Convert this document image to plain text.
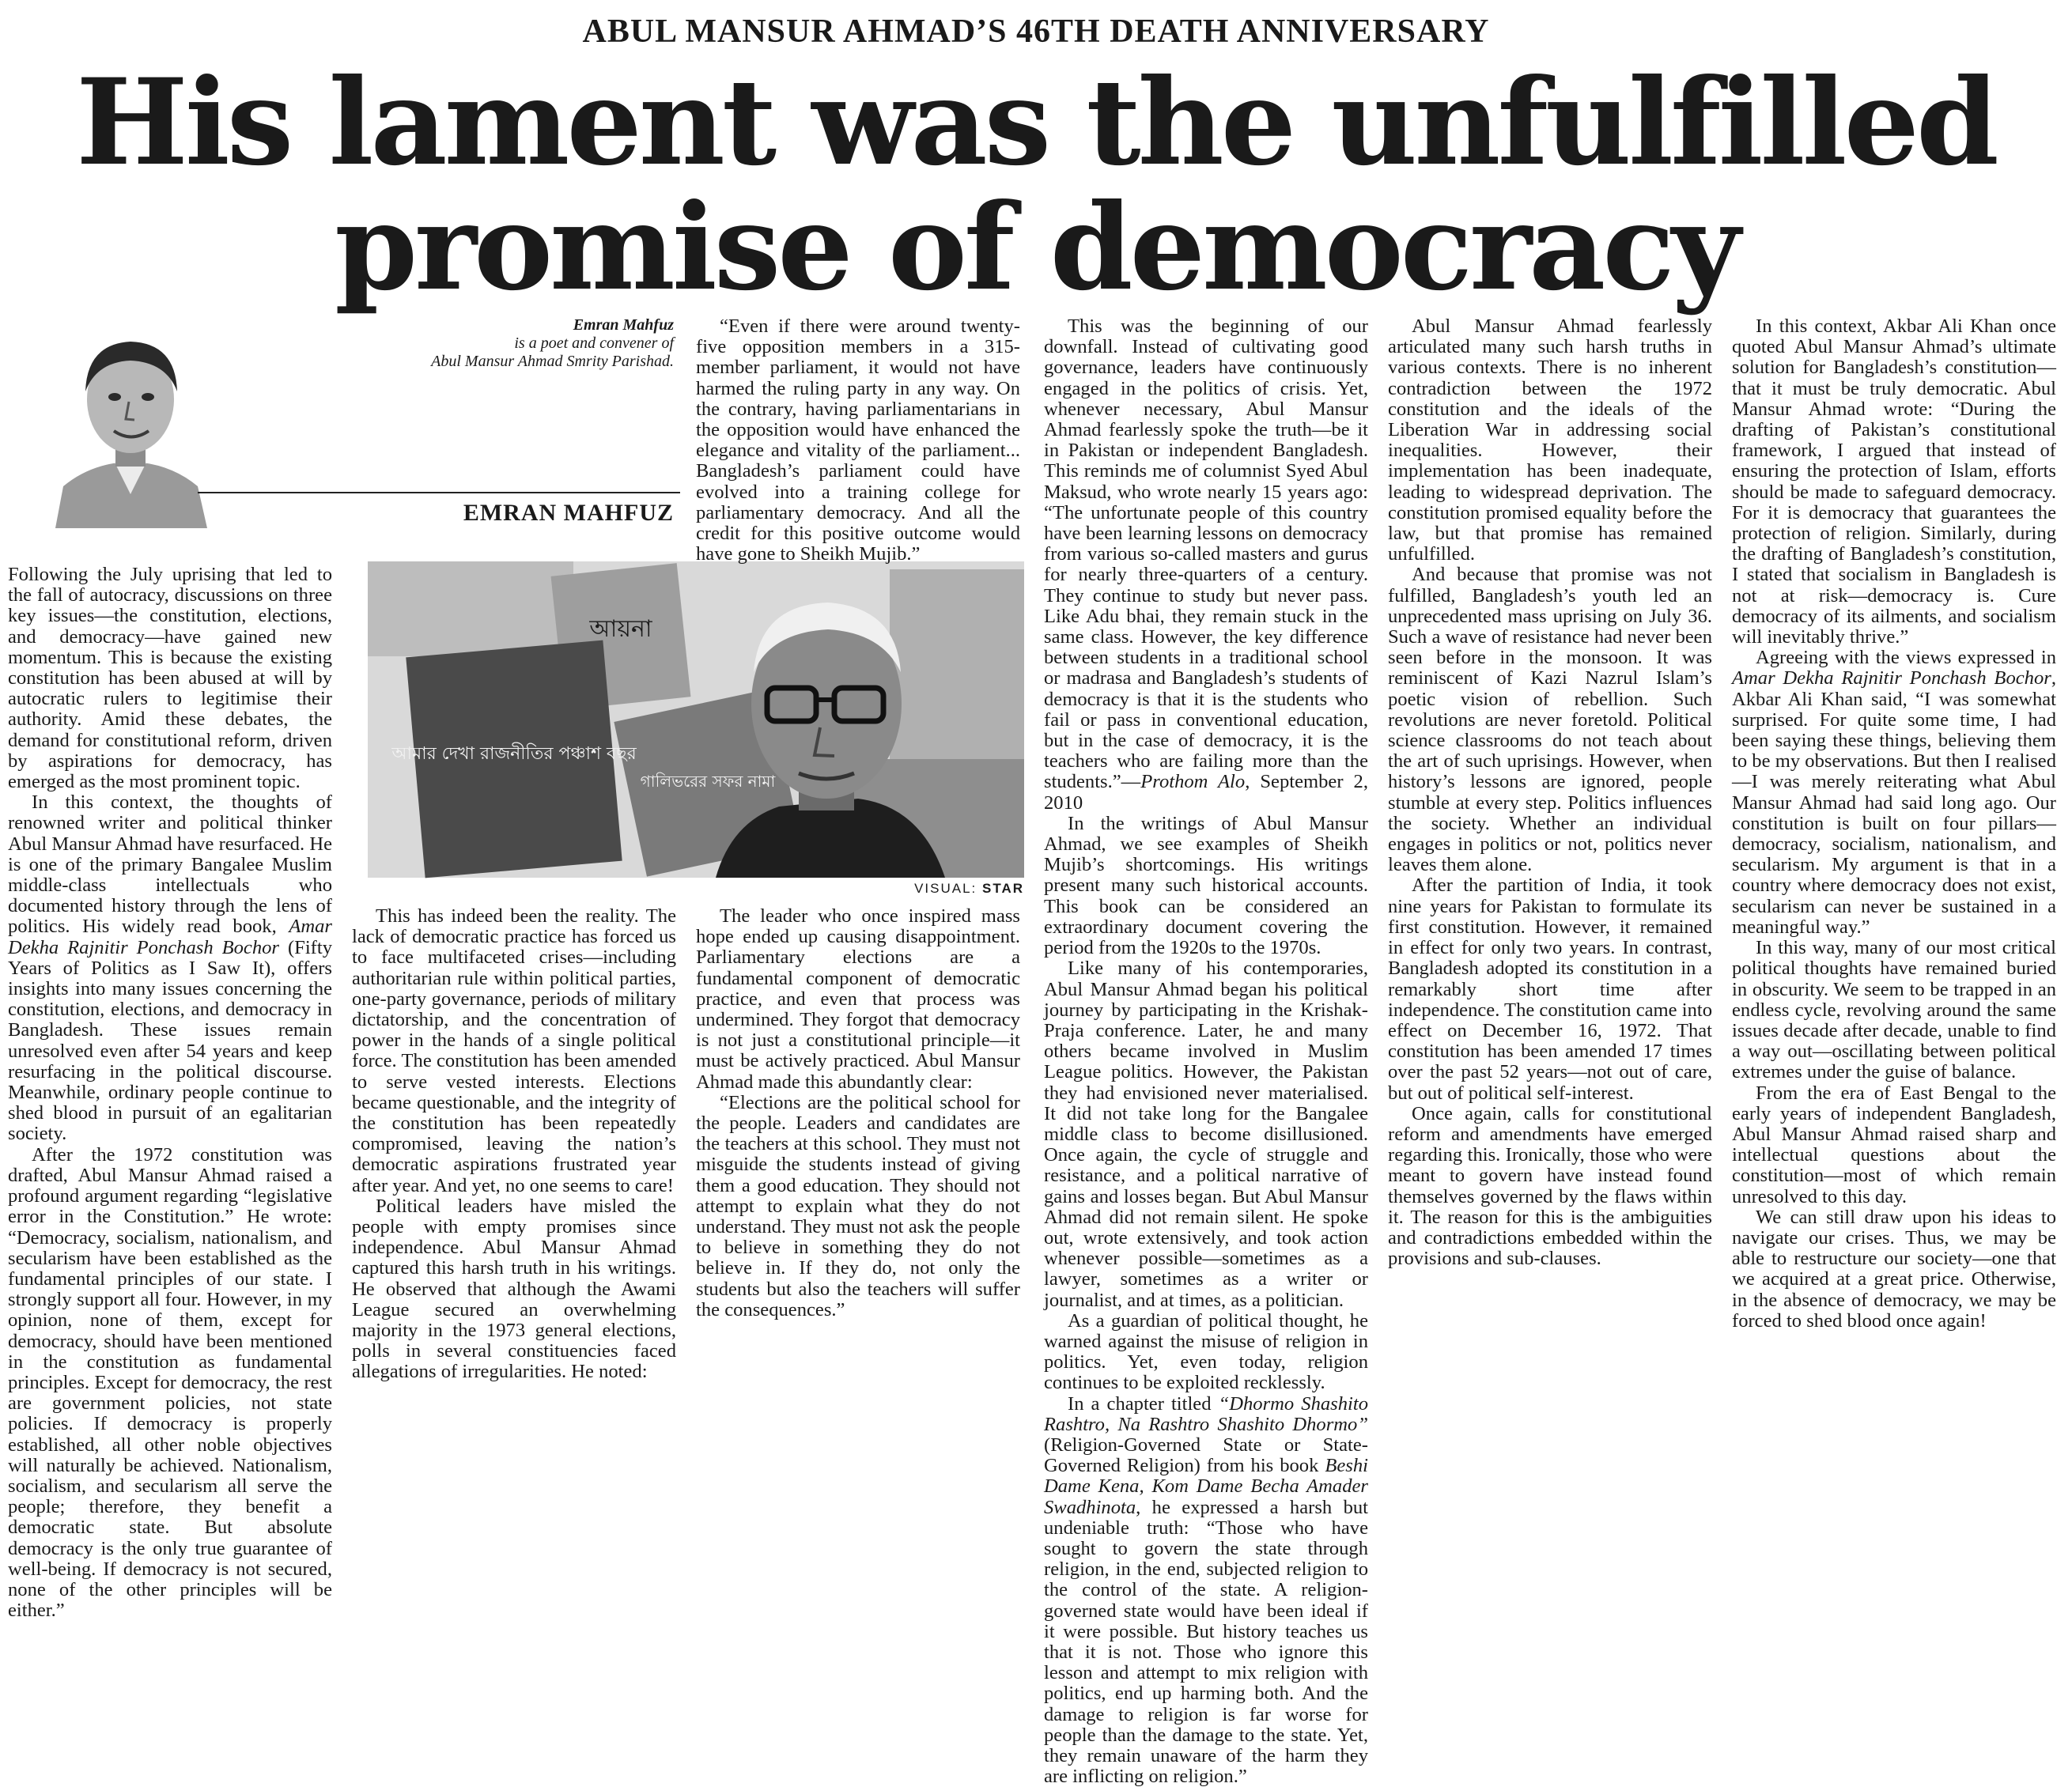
ABUL MANSUR AHMAD’S 46TH DEATH ANNIVERSARY
His lament was the unfulfilled
promise of democracy
Emran Mahfuz
is a poet and convener of
Abul Mansur Ahmad Smrity Parishad.
EMRAN MAHFUZ
আমার দেখা রাজনীতির পঞ্চাশ বছর
আয়না
গালিভরের সফর নামা
VISUAL: STAR

Following the July uprising that led to the fall of autocracy, discussions on three key issues—the constitution, elections, and democracy—have gained new momentum. This is because the existing constitution has been abused at will by autocratic rulers to legitimise their authority. Amid these debates, the demand for constitutional reform, driven by aspirations for democracy, has emerged as the most prominent topic.

In this context, the thoughts of renowned writer and political thinker Abul Mansur Ahmad have resurfaced. He is one of the primary Bangalee Muslim middle-class intellectuals who documented history through the lens of politics. His widely read book, Amar Dekha Rajnitir Ponchash Bochor (Fifty Years of Politics as I Saw It), offers insights into many issues concerning the constitution, elections, and democracy in Bangladesh. These issues remain unresolved even after 54 years and keep resurfacing in the political discourse. Meanwhile, ordinary people continue to shed blood in pursuit of an egalitarian society.

After the 1972 constitution was drafted, Abul Mansur Ahmad raised a profound argument regarding “legislative error in the Constitution.” He wrote: “Democracy, socialism, nationalism, and secularism have been established as the fundamental principles of our state. I strongly support all four. However, in my opinion, none of them, except for democracy, should have been mentioned in the constitution as fundamental principles. Except for democracy, the rest are government policies, not state policies. If democracy is properly established, all other noble objectives will naturally be achieved. Nationalism, socialism, and secularism all serve the people; therefore, they benefit a democratic state. But absolute democracy is the only true guarantee of well-being. If democracy is not secured, none of the other principles will be either.”

This has indeed been the reality. The lack of democratic practice has forced us to face multifaceted crises—including authoritarian rule within political parties, one-party governance, periods of military dictatorship, and the concentration of power in the hands of a single political force. The constitution has been amended to serve vested interests. Elections became questionable, and the integrity of the constitution has been repeatedly compromised, leaving the nation’s democratic aspirations frustrated year after year. And yet, no one seems to care!

Political leaders have misled the people with empty promises since independence. Abul Mansur Ahmad captured this harsh truth in his writings. He observed that although the Awami League secured an overwhelming majority in the 1973 general elections, polls in several constituencies faced allegations of irregularities. He noted:

“Even if there were around twenty-five opposition members in a 315-member parliament, it would not have harmed the ruling party in any way. On the contrary, having parliamentarians in the opposition would have enhanced the elegance and vitality of the parliament... Bangladesh’s parliament could have evolved into a training college for parliamentary democracy. And all the credit for this positive outcome would have gone to Sheikh Mujib.”

The leader who once inspired mass hope ended up causing disappointment. Parliamentary elections are a fundamental component of democratic practice, and even that process was undermined. They forgot that democracy is not just a constitutional principle—it must be actively practiced. Abul Mansur Ahmad made this abundantly clear:

“Elections are the political school for the people. Leaders and candidates are the teachers at this school. They must not misguide the students instead of giving them a good education. They should not attempt to explain what they do not understand. They must not ask the people to believe in something they do not believe in. If they do, not only the students but also the teachers will suffer the consequences.”

This was the beginning of our downfall. Instead of cultivating good governance, leaders have continuously engaged in the politics of crisis. Yet, whenever necessary, Abul Mansur Ahmad fearlessly spoke the truth—be it in Pakistan or independent Bangladesh. This reminds me of columnist Syed Abul Maksud, who wrote nearly 15 years ago: “The unfortunate people of this country have been learning lessons on democracy from various so-called masters and gurus for nearly three-quarters of a century. They continue to study but never pass. Like Adu bhai, they remain stuck in the same class. However, the key difference between students in a traditional school or madrasa and Bangladesh’s students of democracy is that it is the students who fail or pass in conventional education, but in the case of democracy, it is the teachers who are failing more than the students.”—Prothom Alo, September 2, 2010

In the writings of Abul Mansur Ahmad, we see examples of Sheikh Mujib’s shortcomings. His writings present many such historical accounts. This book can be considered an extraordinary document covering the period from the 1920s to the 1970s.

Like many of his contemporaries, Abul Mansur Ahmad began his political journey by participating in the Krishak-Praja conference. Later, he and many others became involved in Muslim League politics. However, the Pakistan they had envisioned never materialised. It did not take long for the Bangalee middle class to become disillusioned. Once again, the cycle of struggle and resistance, and a political narrative of gains and losses began. But Abul Mansur Ahmad did not remain silent. He spoke out, wrote extensively, and took action whenever possible—sometimes as a lawyer, sometimes as a writer or journalist, and at times, as a politician.

As a guardian of political thought, he warned against the misuse of religion in politics. Yet, even today, religion continues to be exploited recklessly.

In a chapter titled “Dhormo Shashito Rashtro, Na Rashtro Shashito Dhormo” (Religion-Governed State or State-Governed Religion) from his book Beshi Dame Kena, Kom Dame Becha Amader Swadhinota, he expressed a harsh but undeniable truth: “Those who have sought to govern the state through religion, in the end, subjected religion to the control of the state. A religion-governed state would have been ideal if it were possible. But history teaches us that it is not. Those who ignore this lesson and attempt to mix religion with politics, end up harming both. And the damage to religion is far worse for people than the damage to the state. Yet, they remain unaware of the harm they are inflicting on religion.”

Abul Mansur Ahmad fearlessly articulated many such harsh truths in various contexts. There is no inherent contradiction between the 1972 constitution and the ideals of the Liberation War in addressing social inequalities. However, their implementation has been inadequate, leading to widespread deprivation. The constitution promised equality before the law, but that promise has remained unfulfilled.

And because that promise was not fulfilled, Bangladesh’s youth led an unprecedented mass uprising on July 36. Such a wave of resistance had never been seen before in the monsoon. It was reminiscent of Kazi Nazrul Islam’s poetic vision of rebellion. Such revolutions are never foretold. Political science classrooms do not teach about the art of such uprisings. However, when history’s lessons are ignored, people stumble at every step. Politics influences the society. Whether an individual engages in politics or not, politics never leaves them alone.

After the partition of India, it took nine years for Pakistan to formulate its first constitution. However, it remained in effect for only two years. In contrast, Bangladesh adopted its constitution in a remarkably short time after independence. The constitution came into effect on December 16, 1972. That constitution has been amended 17 times over the past 52 years—not out of care, but out of political self-interest.

Once again, calls for constitutional reform and amendments have emerged regarding this. Ironically, those who were meant to govern have instead found themselves governed by the flaws within it. The reason for this is the ambiguities and contradictions embedded within the provisions and sub-clauses.

In this context, Akbar Ali Khan once quoted Abul Mansur Ahmad’s ultimate solution for Bangladesh’s constitution—that it must be truly democratic. Abul Mansur Ahmad wrote: “During the drafting of Pakistan’s constitutional framework, I argued that instead of ensuring the protection of Islam, efforts should be made to safeguard democracy. For it is democracy that guarantees the protection of religion. Similarly, during the drafting of Bangladesh’s constitution, I stated that socialism in Bangladesh is not at risk—democracy is. Cure democracy of its ailments, and socialism will inevitably thrive.”

Agreeing with the views expressed in Amar Dekha Rajnitir Ponchash Bochor, Akbar Ali Khan said, “I was somewhat surprised. For quite some time, I had been saying these things, believing them to be my observations. But then I realised—I was merely reiterating what Abul Mansur Ahmad had said long ago. Our constitution is built on four pillars—democracy, socialism, nationalism, and secularism. My argument is that in a country where democracy does not exist, secularism can never be sustained in a meaningful way.”

In this way, many of our most critical political thoughts have remained buried in obscurity. We seem to be trapped in an endless cycle, revolving around the same issues decade after decade, unable to find a way out—oscillating between political extremes under the guise of balance.

From the era of East Bengal to the early years of independent Bangladesh, Abul Mansur Ahmad raised sharp and intellectual questions about the constitution—most of which remain unresolved to this day.

We can still draw upon his ideas to navigate our crises. Thus, we may be able to restructure our society—one that we acquired at a great price. Otherwise, in the absence of democracy, we may be forced to shed blood once again!
